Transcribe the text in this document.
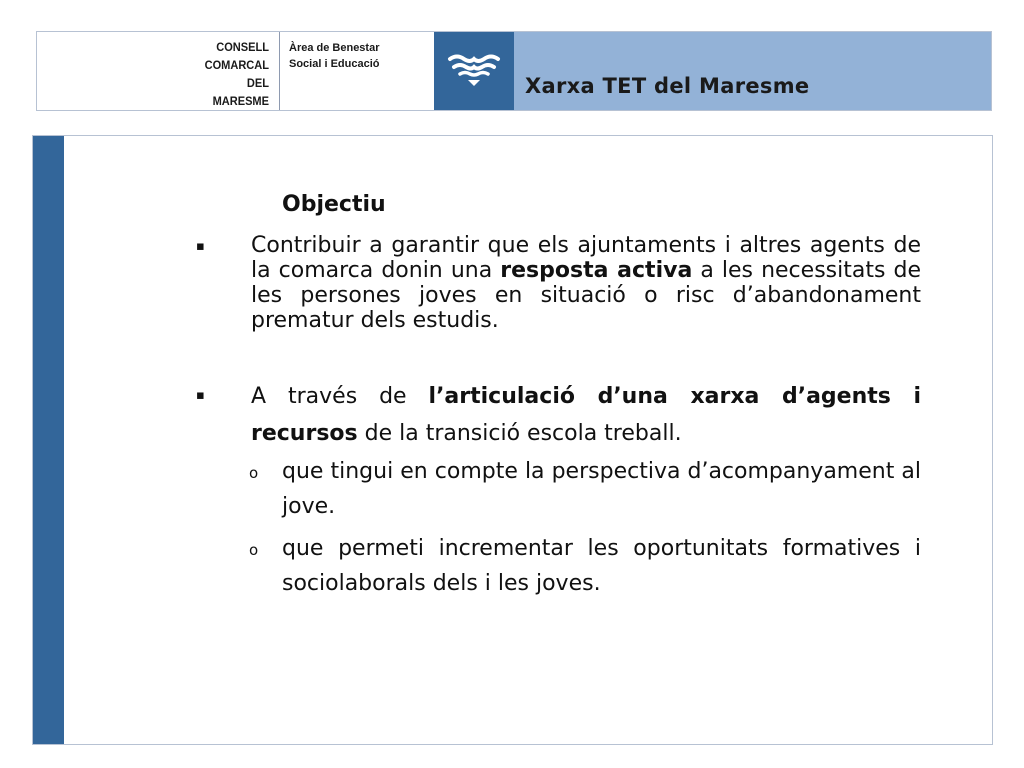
CONSELL
COMARCAL
DEL
MARESME
Àrea de Benestar
Social i Educació
Xarxa TET del Maresme
Objectiu
▪ Contribuir a garantir que els ajuntaments i altres agents de la comarca donin una resposta activa a les necessitats de les persones joves en situació o risc d’abandonament prematur dels estudis.
▪ A través de l’articulació d’una xarxa d’agents i recursos de la transició escola treball.
o que tingui en compte la perspectiva d’acompanyament al jove.
o que permeti incrementar les oportunitats formatives i sociolaborals dels i les joves.
